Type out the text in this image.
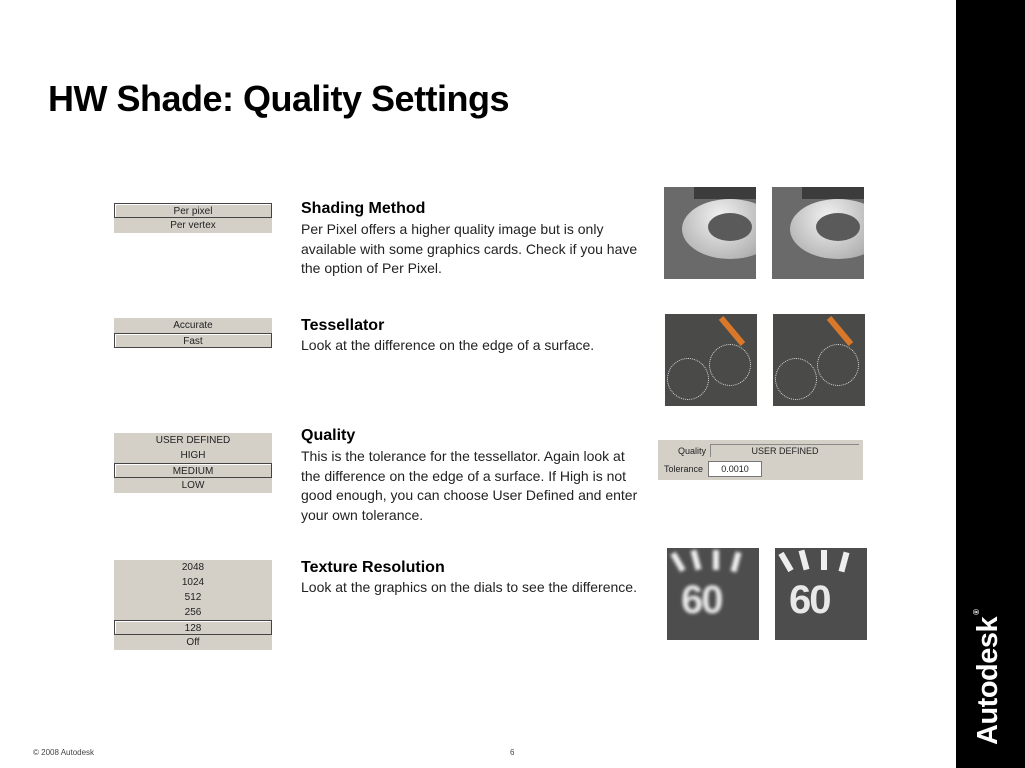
HW Shade: Quality Settings
Autodesk®
Per pixel
Per vertex
Shading Method
Per Pixel offers a higher quality image but is only available with some graphics cards. Check if you have the option of Per Pixel.
Accurate
Fast
Tessellator
Look at the difference on the edge of a surface.
USER DEFINED
HIGH
MEDIUM
LOW
Quality
This is the tolerance for the tessellator. Again look at the difference on the edge of a surface. If High is not good enough, you can choose User Defined and enter your own tolerance.
Quality	USER DEFINED
Tolerance	0.0010
2048
1024
512
256
128
Off
Texture Resolution
Look at the graphics on the dials to see the difference. 60 60
© 2008 Autodesk	6
